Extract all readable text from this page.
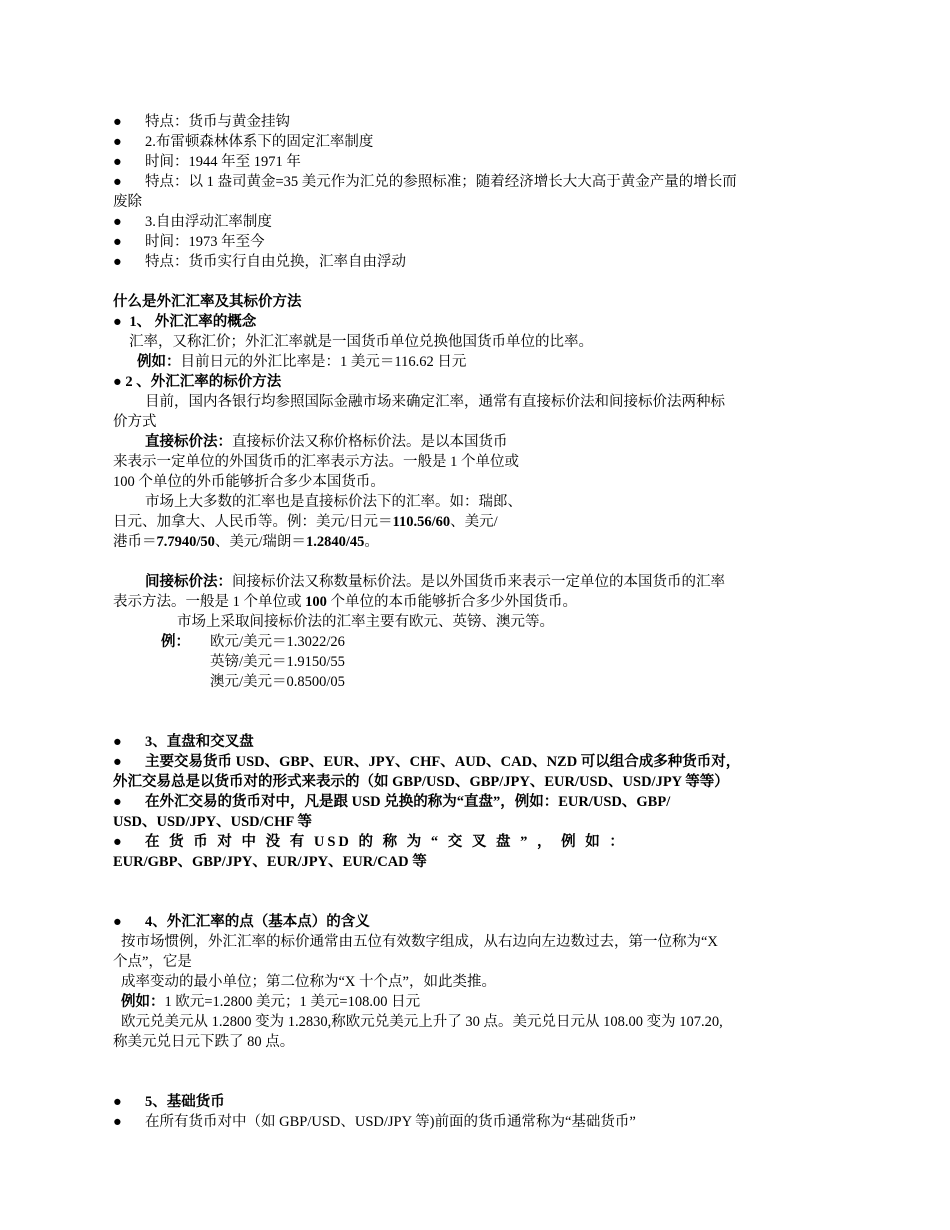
●	特点：货币与黄金挂钩
●	2.布雷顿森林体系下的固定汇率制度
●	时间：1944 年至 1971 年
●	特点：以 1 盎司黄金=35 美元作为汇兑的参照标准；随着经济增长大大高于黄金产量的增长而
废除
●	3.自由浮动汇率制度
●	时间：1973 年至今
●	特点：货币实行自由兑换，汇率自由浮动
什么是外汇汇率及其标价方法
● 1、 外汇汇率的概念
汇率，又称汇价；外汇汇率就是一国货币单位兑换他国货币单位的比率。
例如：目前日元的外汇比率是：1 美元＝116.62 日元
● 2 、外汇汇率的标价方法
目前，国内各银行均参照国际金融市场来确定汇率，通常有直接标价法和间接标价法两种标
价方式
直接标价法：直接标价法又称价格标价法。是以本国货币
来表示一定单位的外国货币的汇率表示方法。一般是 1 个单位或
100 个单位的外币能够折合多少本国货币。
市场上大多数的汇率也是直接标价法下的汇率。如：瑞郎、
日元、加拿大、人民币等。例：美元/日元＝110.56/60、美元/
港币＝7.7940/50、美元/瑞朗＝1.2840/45。
间接标价法：间接标价法又称数量标价法。是以外国货币来表示一定单位的本国货币的汇率
表示方法。一般是 1 个单位或 100 个单位的本币能够折合多少外国货币。
市场上采取间接标价法的汇率主要有欧元、英镑、澳元等。
例： 欧元/美元＝1.3022/26
英镑/美元＝1.9150/55
澳元/美元＝0.8500/05
●	3、直盘和交叉盘
●	主要交易货币 USD、GBP、EUR、JPY、CHF、AUD、CAD、NZD 可以组合成多种货币对，
外汇交易总是以货币对的形式来表示的（如 GBP/USD、GBP/JPY、EUR/USD、USD/JPY 等等）
●	在外汇交易的货币对中，凡是跟 USD 兑换的称为“直盘”，例如：EUR/USD、GBP/
USD、USD/JPY、USD/CHF 等
●	在 货 币 对 中 没 有 USD 的 称 为 “ 交 叉 盘 ” ， 例 如 ：
EUR/GBP、GBP/JPY、EUR/JPY、EUR/CAD 等
●	4、外汇汇率的点（基本点）的含义
按市场惯例，外汇汇率的标价通常由五位有效数字组成，从右边向左边数过去，第一位称为“X
个点”，它是
成率变动的最小单位；第二位称为“X 十个点”，如此类推。
例如：1 欧元=1.2800 美元；1 美元=108.00 日元
欧元兑美元从 1.2800 变为 1.2830,称欧元兑美元上升了 30 点。美元兑日元从 108.00 变为 107.20,
称美元兑日元下跌了 80 点。
●	5、基础货币
●	在所有货币对中（如 GBP/USD、USD/JPY 等)前面的货币通常称为“基础货币”
